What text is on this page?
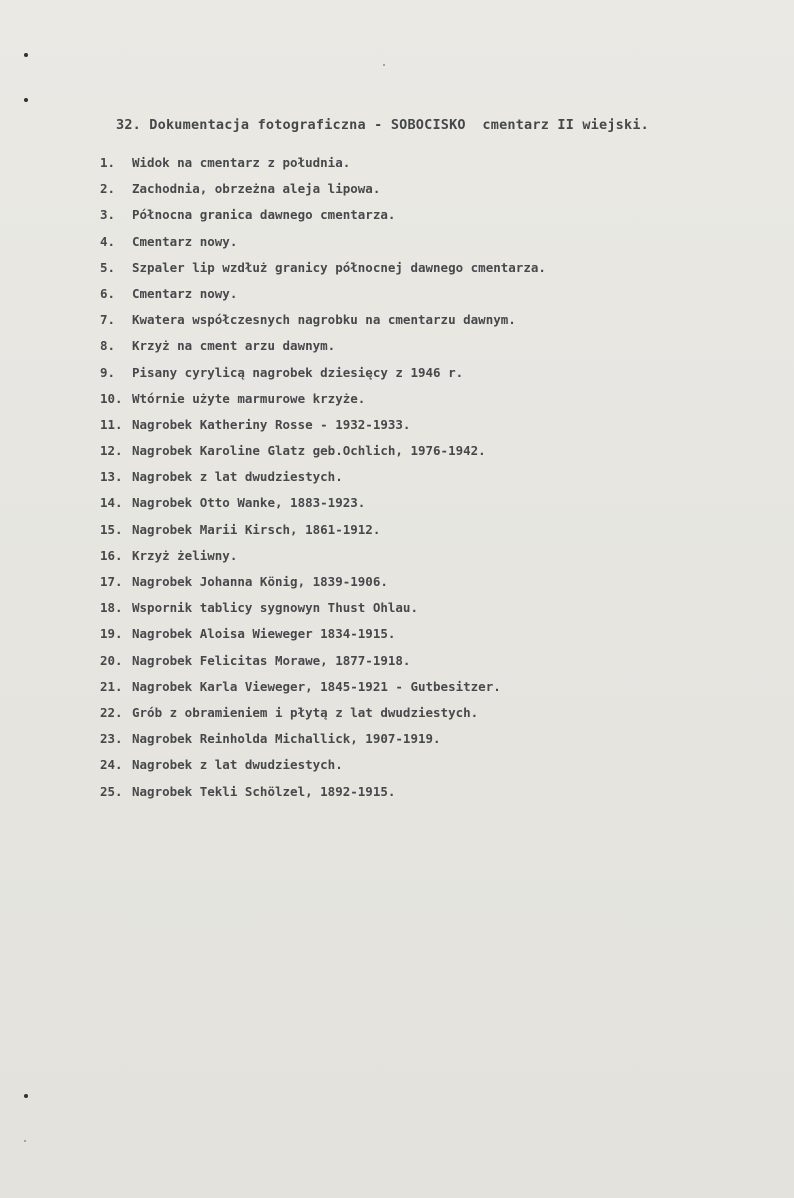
32. Dokumentacja fotograficzna - SOBOCISKO  cmentarz II wiejski.
1. Widok na cmentarz z południa.
2. Zachodnia, obrzeżna aleja lipowa.
3. Północna granica dawnego cmentarza.
4. Cmentarz nowy.
5. Szpaler lip wzdłuż granicy północnej dawnego cmentarza.
6. Cmentarz nowy.
7. Kwatera współczesnych nagrobku na cmentarzu dawnym.
8. Krzyż na cment arzu dawnym.
9. Pisany cyrylicą nagrobek dziesięcy z 1946 r.
10. Wtórnie użyte marmurowe krzyże.
11. Nagrobek Katheriny Rosse - 1932-1933.
12. Nagrobek Karoline Glatz geb.Ochlich, 1976-1942.
13. Nagrobek z lat dwudziestych.
14. Nagrobek Otto Wanke, 1883-1923.
15. Nagrobek Marii Kirsch, 1861-1912.
16. Krzyż żeliwny.
17. Nagrobek Johanna König, 1839-1906.
18. Wspornik tablicy sygnowyn Thust Ohlau.
19. Nagrobek Aloisa Wieweger 1834-1915.
20. Nagrobek Felicitas Morawe, 1877-1918.
21. Nagrobek Karla Vieweger, 1845-1921 - Gutbesitzer.
22. Grób z obramieniem i płytą z lat dwudziestych.
23. Nagrobek Reinholda Michallick, 1907-1919.
24. Nagrobek z lat dwudziestych.
25. Nagrobek Tekli Schölzel, 1892-1915.
